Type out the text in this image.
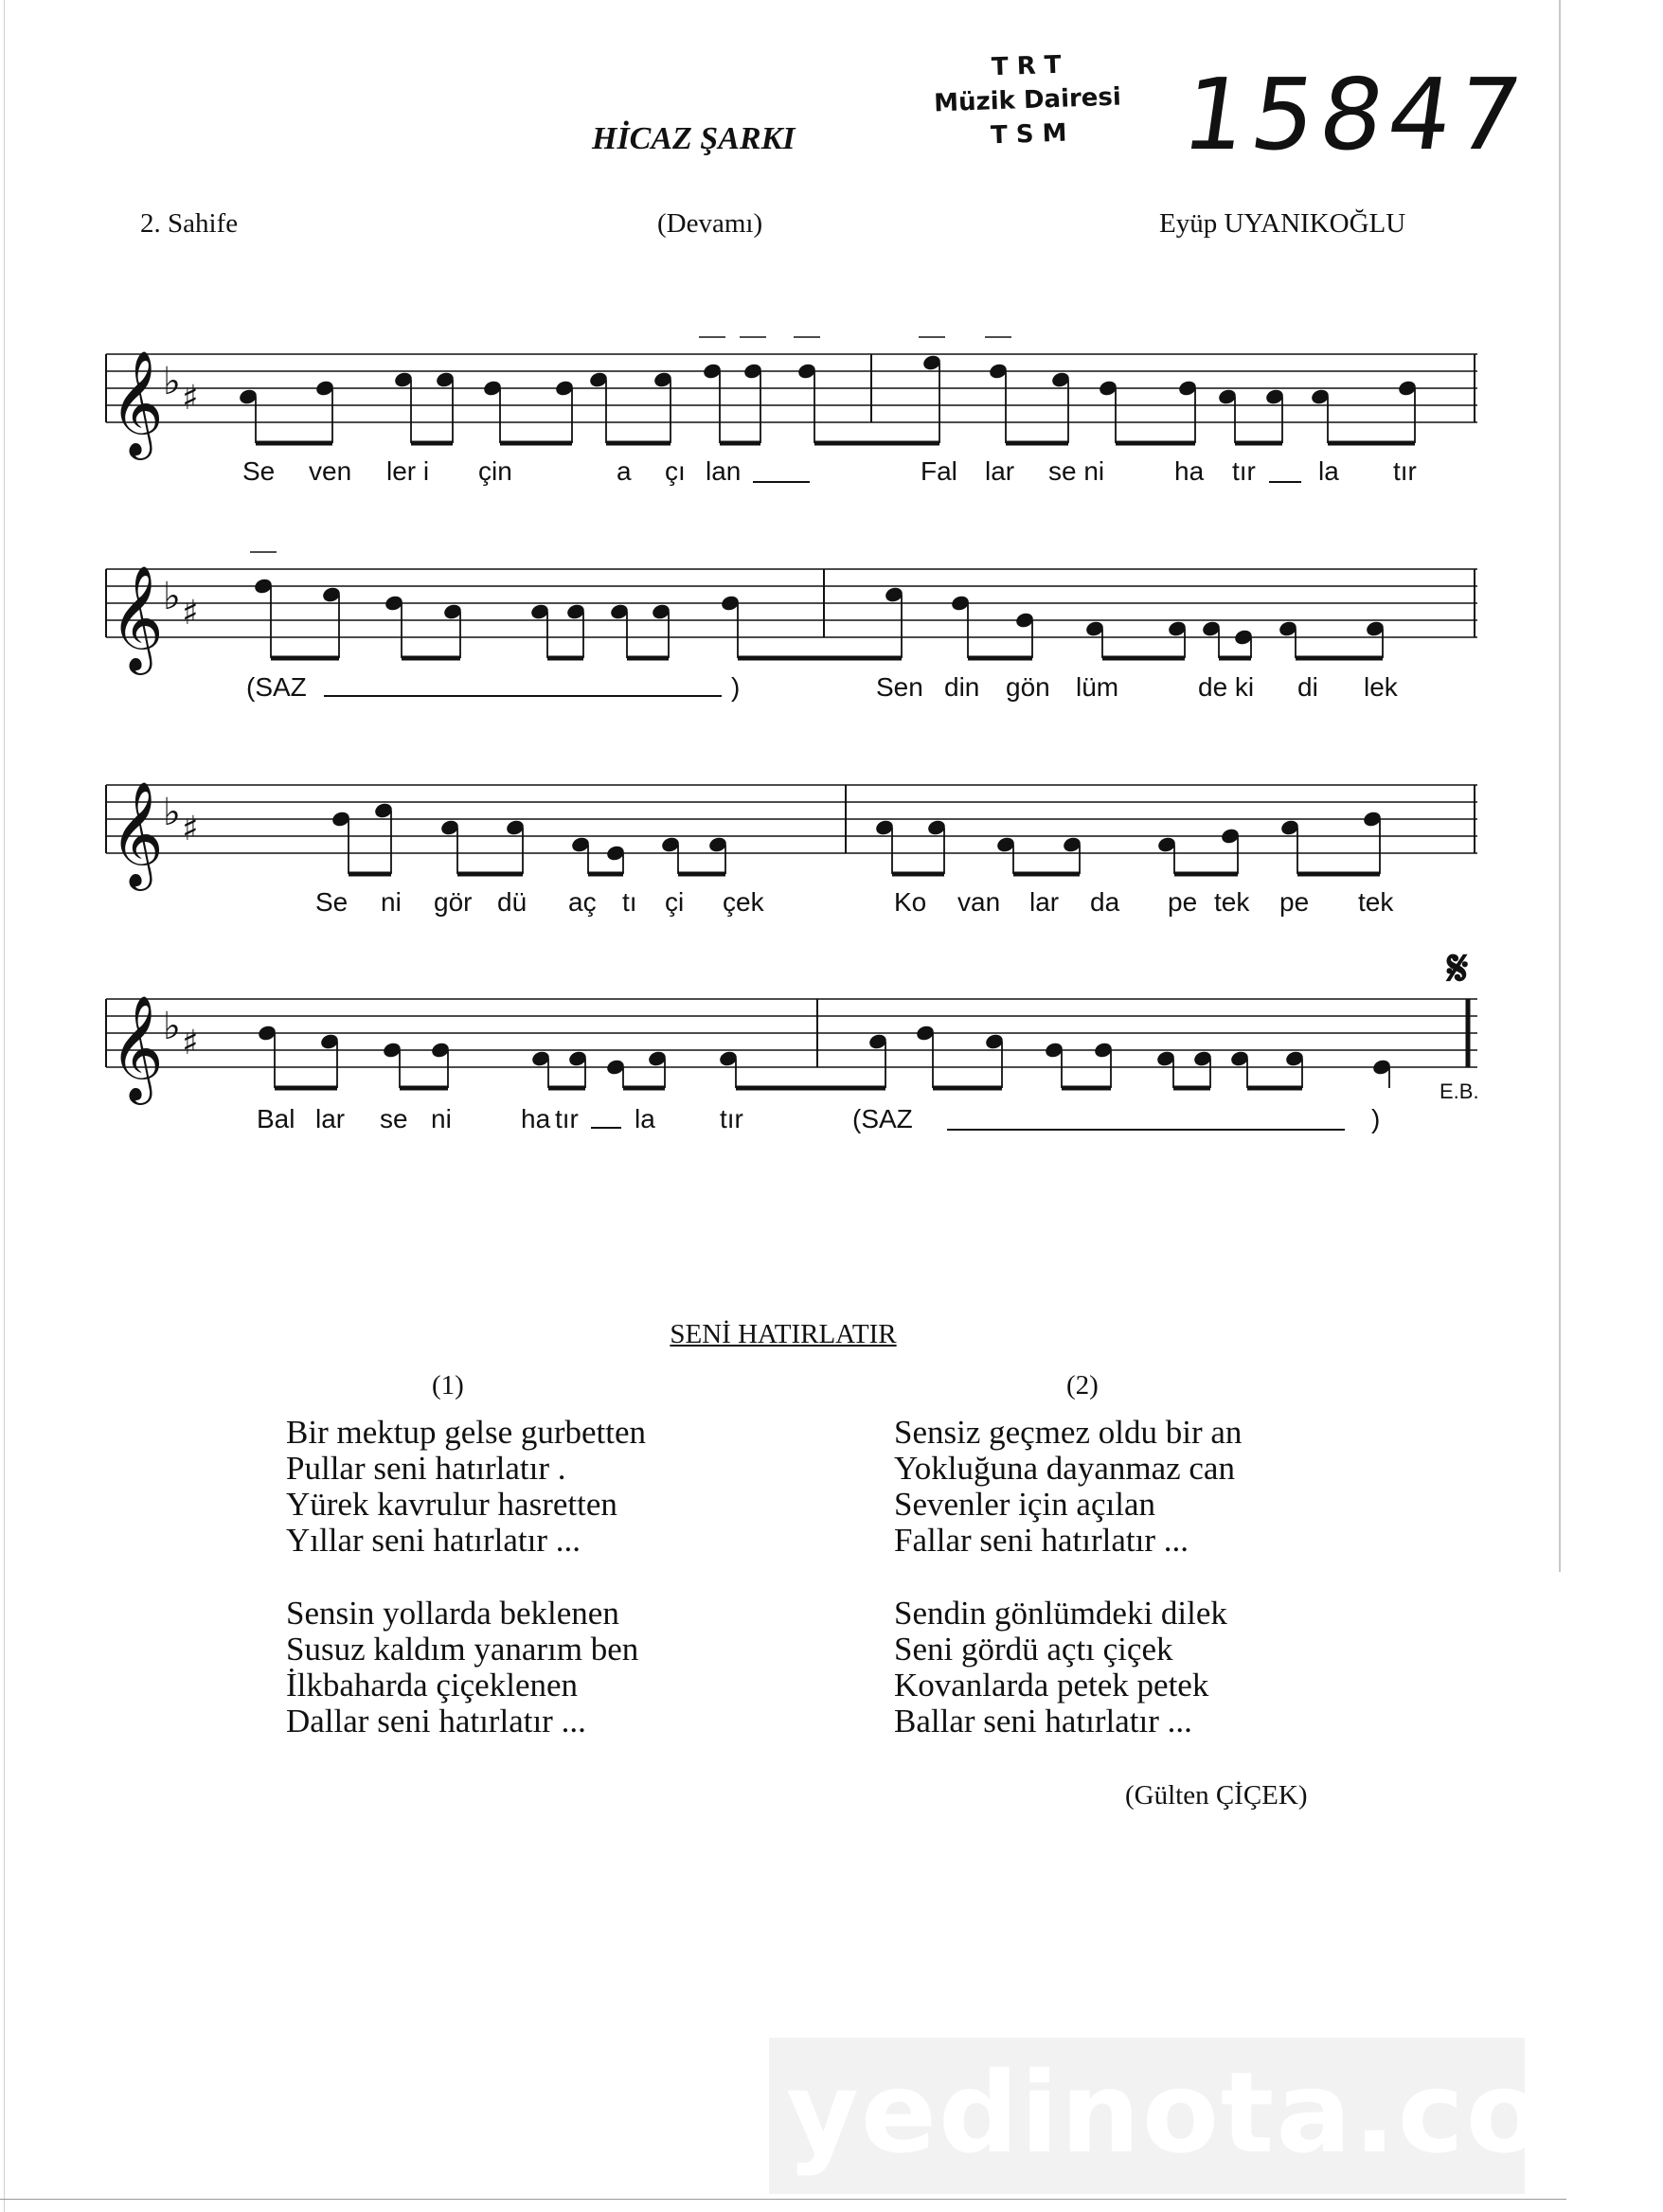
HİCAZ ŞARKI
T R T
Müzik Dairesi
T S M	15847
2. Sahife	(Devamı)	Eyüp UYANIKOĞLU
𝄞 ♭ ♯
𝄞 ♭ ♯
𝄞 ♭ ♯
𝄞 ♭ ♯
𝄋
Se ven ler i çin	a çı lan	Fal lar se ni	ha tır la tır
(SAZ	)	Sen din gön lüm	de ki di lek
Se ni gör dü aç tı çi çek	Ko van lar da pe tek pe tek
Bal lar se ni	ha tır la tır	(SAZ	)
E.B.
SENİ HATIRLATIR
(1)	(2)
Bir mektup gelse gurbetten
Pullar seni hatırlatır .
Yürek kavrulur hasretten
Yıllar seni hatırlatır ...
Sensin yollarda beklenen
Susuz kaldım yanarım ben
İlkbaharda çiçeklenen
Dallar seni hatırlatır ...
Sensiz geçmez oldu bir an
Yokluğuna dayanmaz can
Sevenler için açılan
Fallar seni hatırlatır ...
Sendin gönlümdeki dilek
Seni gördü açtı çiçek
Kovanlarda petek petek
Ballar seni hatırlatır ...
(Gülten ÇİÇEK)
yedinota.com
